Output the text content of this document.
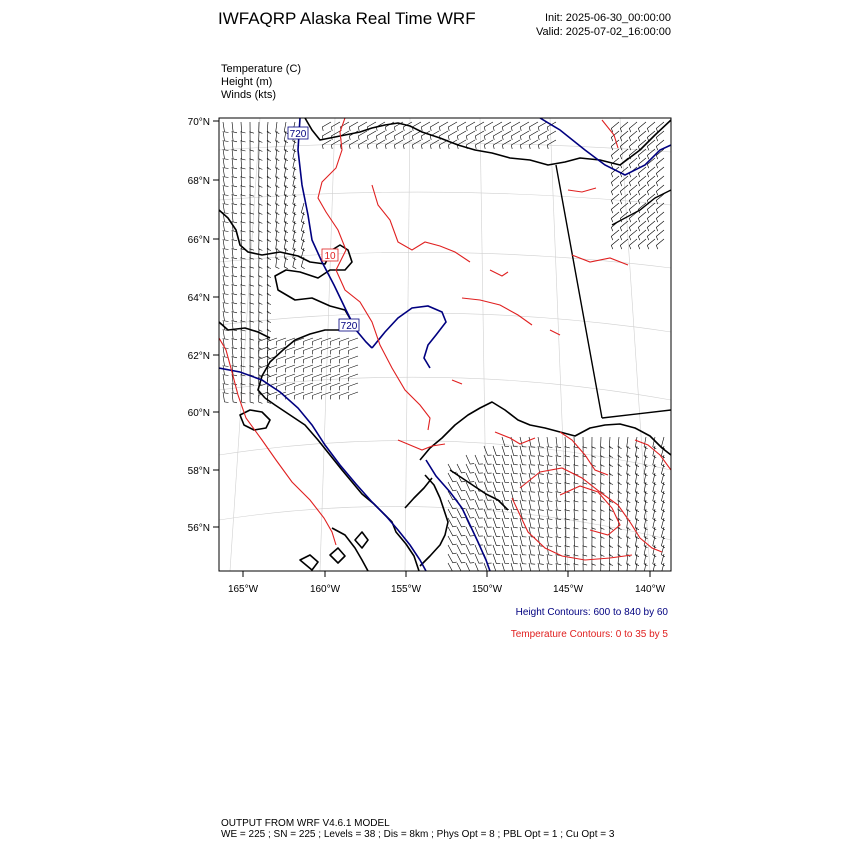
IWFAQRP Alaska Real Time WRF	Init: 2025-06-30_00:00:00
Valid: 2025-07-02_16:00:00
Temperature (C)
Height (m)
Winds (kts)
720
720
10
70°N
68°N
66°N
64°N
62°N
60°N
58°N
56°N
165°W	160°W	155°W	150°W	145°W	140°W
Height Contours: 600 to 840 by 60
Temperature Contours: 0 to 35 by 5
OUTPUT FROM WRF V4.6.1 MODEL
WE = 225 ; SN = 225 ; Levels = 38 ; Dis = 8km ; Phys Opt = 8 ; PBL Opt = 1 ; Cu Opt = 3
